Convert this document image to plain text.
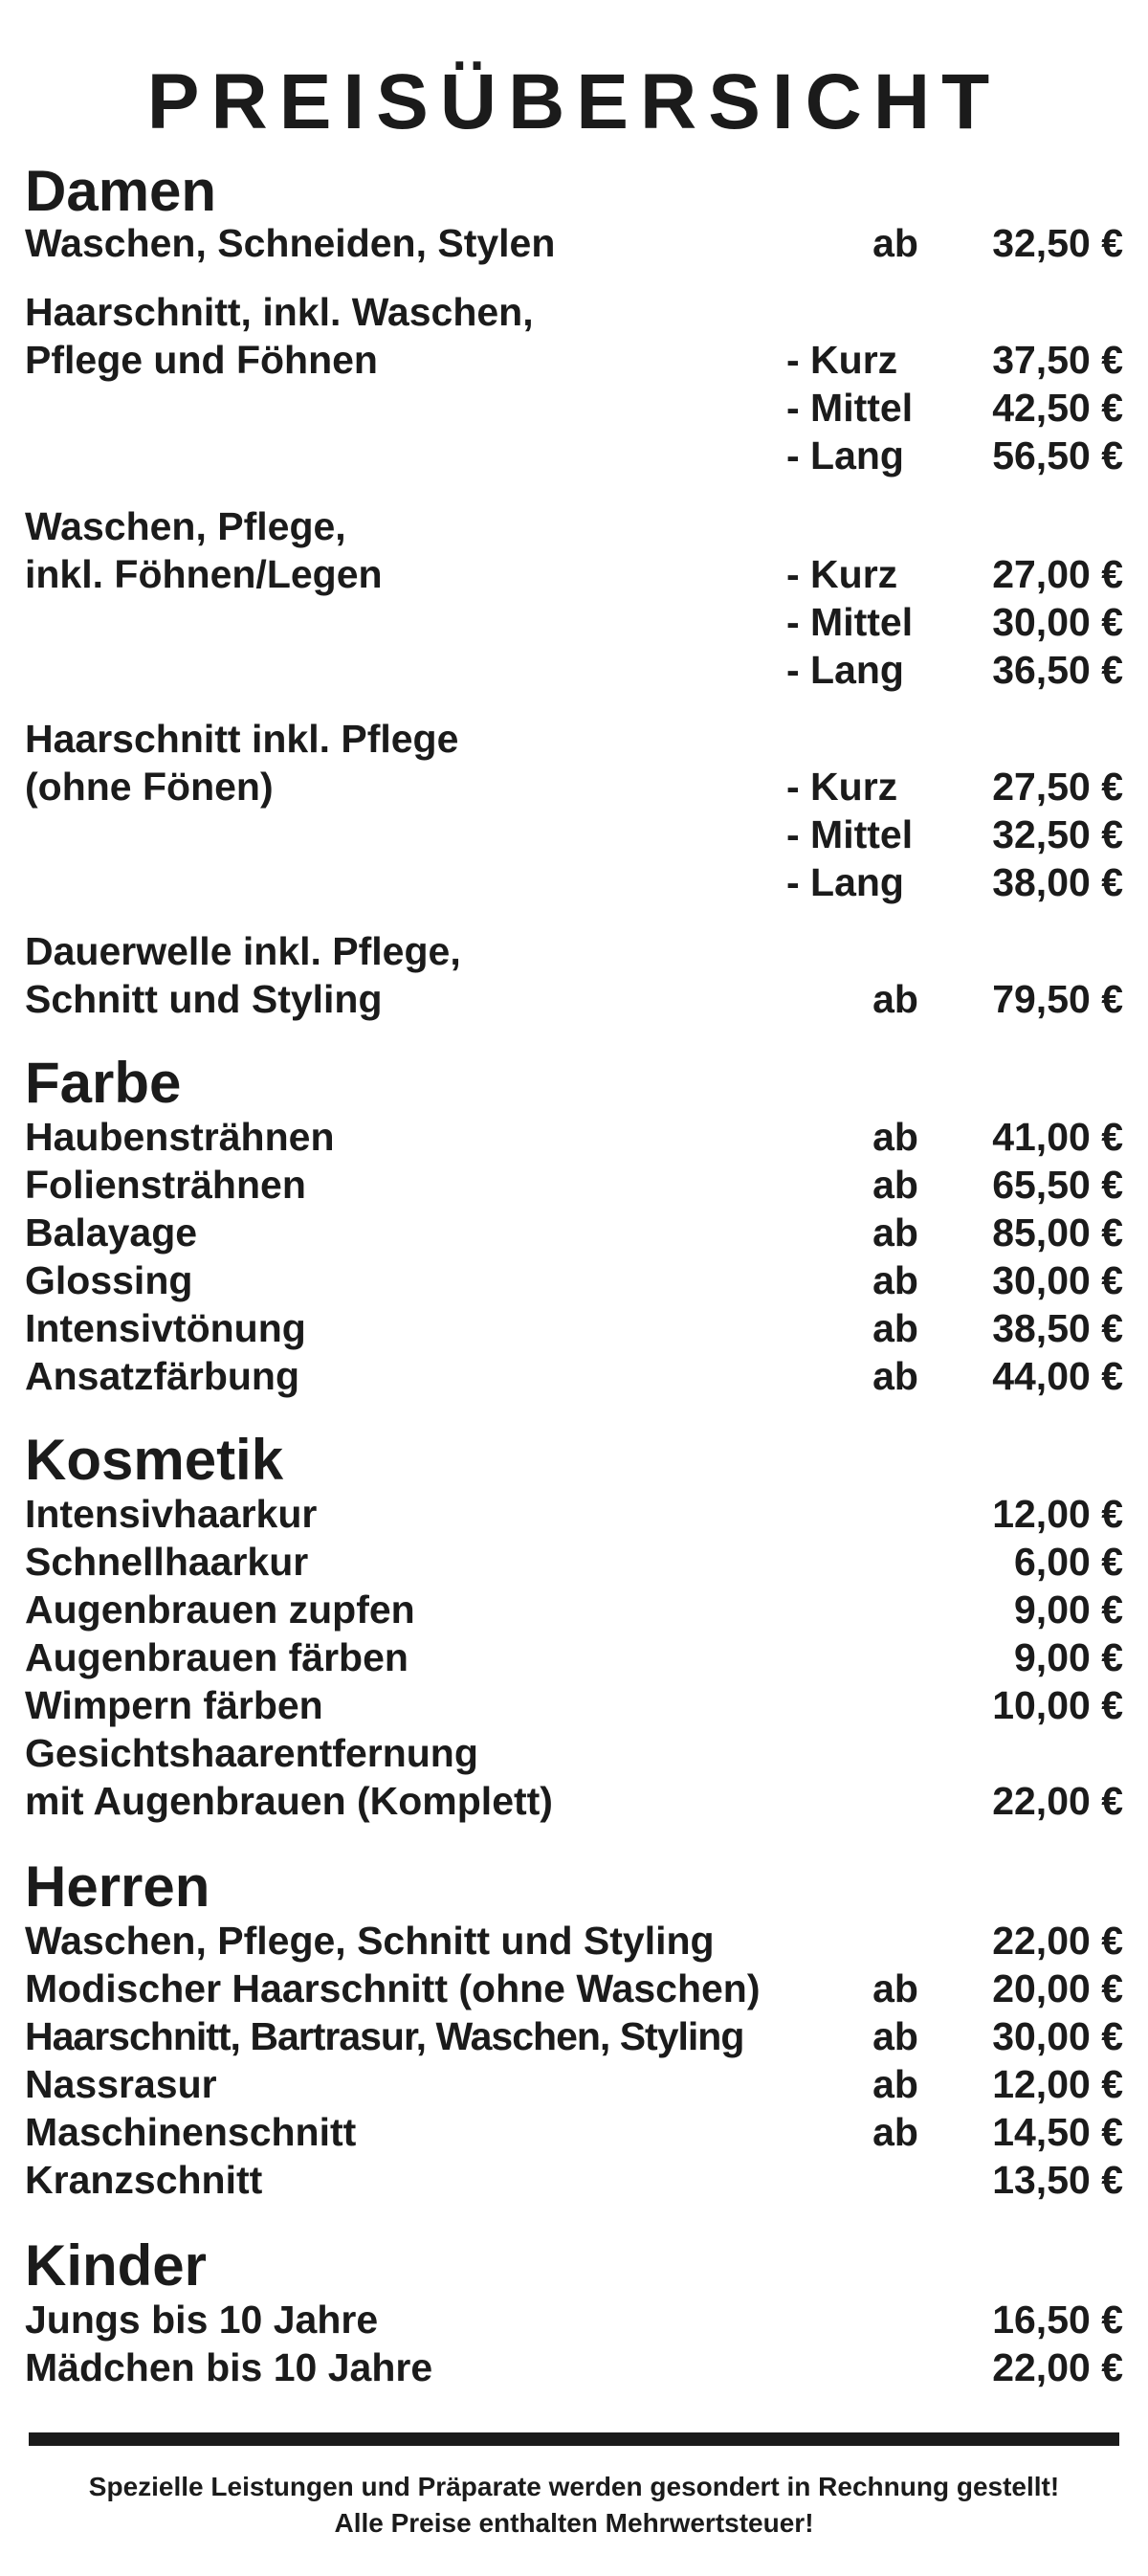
PREISÜBERSICHT
Damen
Waschen, Schneiden, Stylen	ab 32,50 €
Haarschnitt, inkl. Waschen,
Pflege und Föhnen	- Kurz 37,50 €
- Mittel 42,50 €
- Lang 56,50 €
Waschen, Pflege,
inkl. Föhnen/Legen	- Kurz 27,00 €
- Mittel 30,00 €
- Lang 36,50 €
Haarschnitt inkl. Pflege
(ohne Fönen)	- Kurz 27,50 €
- Mittel 32,50 €
- Lang 38,00 €
Dauerwelle inkl. Pflege,
Schnitt und Styling	ab 79,50 €
Farbe
Haubensträhnen	ab 41,00 €
Foliensträhnen	ab 65,50 €
Balayage	ab 85,00 €
Glossing	ab 30,00 €
Intensivtönung	ab 38,50 €
Ansatzfärbung	ab 44,00 €
Kosmetik
Intensivhaarkur	12,00 €
Schnellhaarkur	6,00 €
Augenbrauen zupfen	9,00 €
Augenbrauen färben	9,00 €
Wimpern färben	10,00 €
Gesichtshaarentfernung
mit Augenbrauen (Komplett)	22,00 €
Herren
Waschen, Pflege, Schnitt und Styling	22,00 €
Modischer Haarschnitt (ohne Waschen)	ab 20,00 €
Haarschnitt, Bartrasur, Waschen, Styling	ab 30,00 €
Nassrasur	ab 12,00 €
Maschinenschnitt	ab 14,50 €
Kranzschnitt	13,50 €
Kinder
Jungs bis 10 Jahre	16,50 €
Mädchen bis 10 Jahre	22,00 €
Spezielle Leistungen und Präparate werden gesondert in Rechnung gestellt!
Alle Preise enthalten Mehrwertsteuer!
